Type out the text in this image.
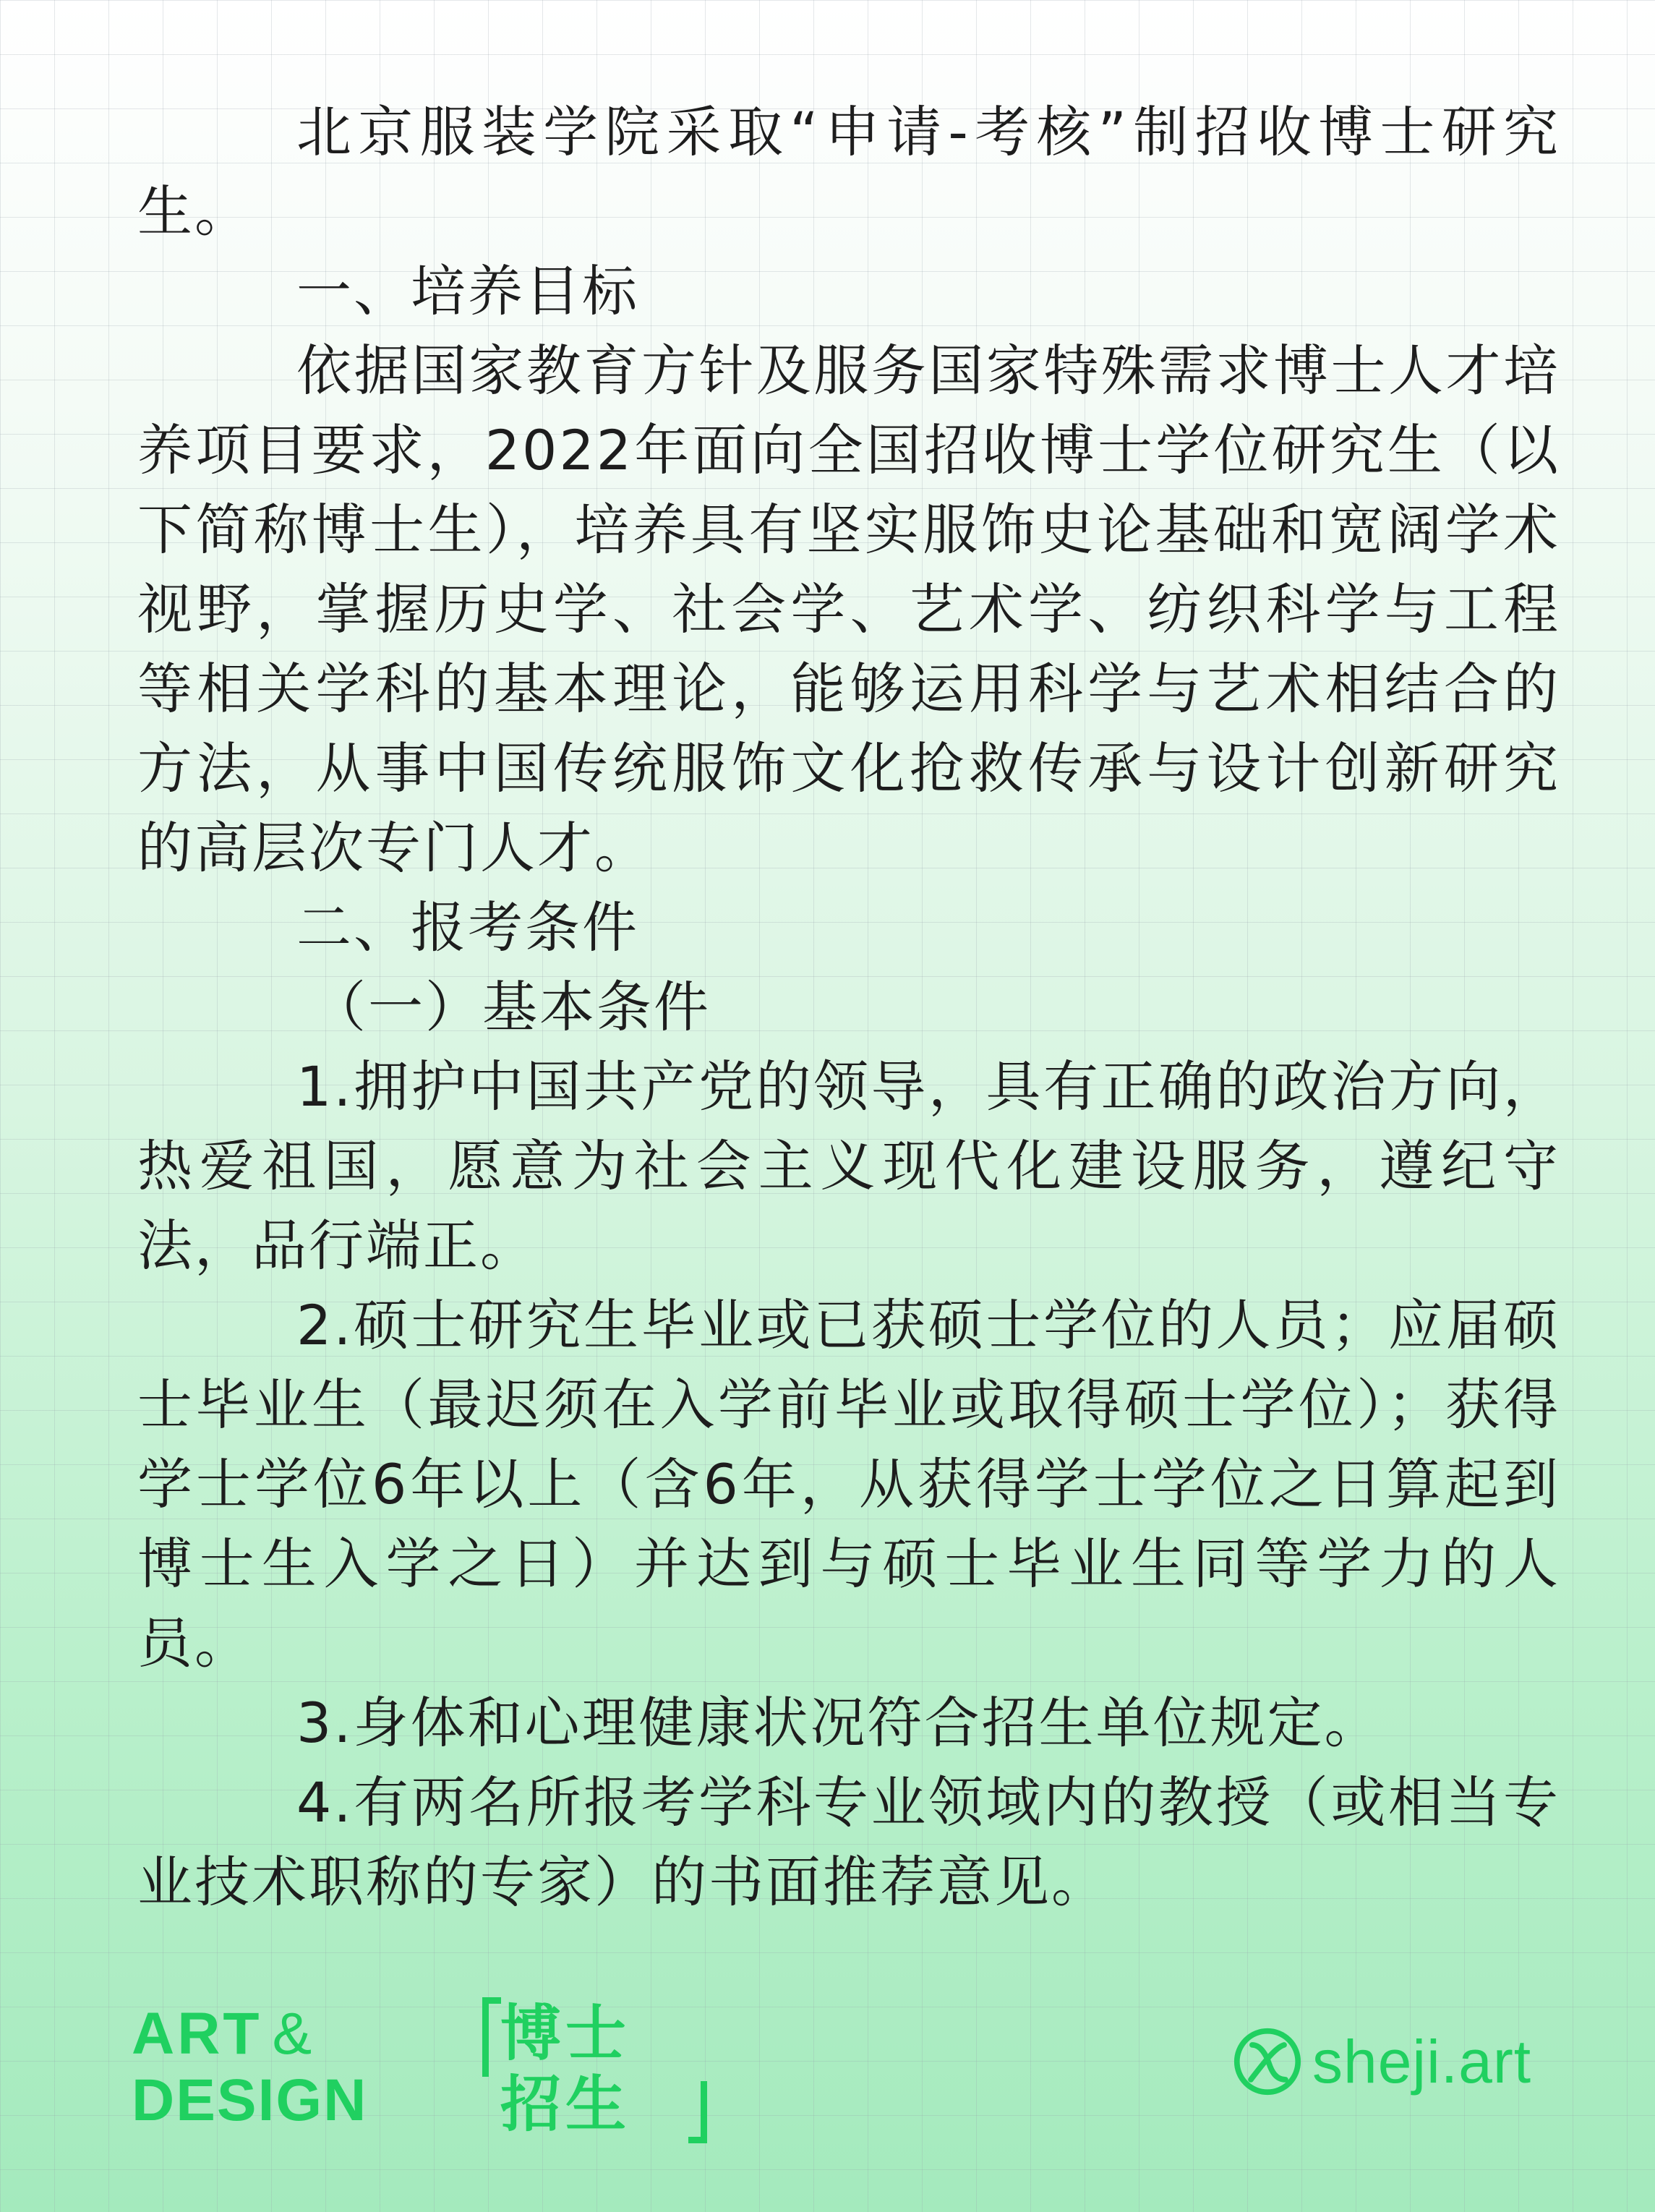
北京服装学院采取“申请-考核”制招收博士研究生。

一、培养目标

依据国家教育方针及服务国家特殊需求博士人才培养项目要求，2022年面向全国招收博士学位研究生（以下简称博士生），培养具有坚实服饰史论基础和宽阔学术视野，掌握历史学、社会学、艺术学、纺织科学与工程等相关学科的基本理论，能够运用科学与艺术相结合的方法，从事中国传统服饰文化抢救传承与设计创新研究的高层次专门人才。

二、报考条件

（一）基本条件

1.拥护中国共产党的领导，具有正确的政治方向，热爱祖国，愿意为社会主义现代化建设服务，遵纪守法，品行端正。

2.硕士研究生毕业或已获硕士学位的人员；应届硕士毕业生（最迟须在入学前毕业或取得硕士学位）；获得学士学位6年以上（含6年，从获得学士学位之日算起到博士生入学之日）并达到与硕士毕业生同等学力的人员。

3.身体和心理健康状况符合招生单位规定。

4.有两名所报考学科专业领域内的教授（或相当专业技术职称的专家）的书面推荐意见。

ART &
DESIGN
博士
招生
sheji.art
